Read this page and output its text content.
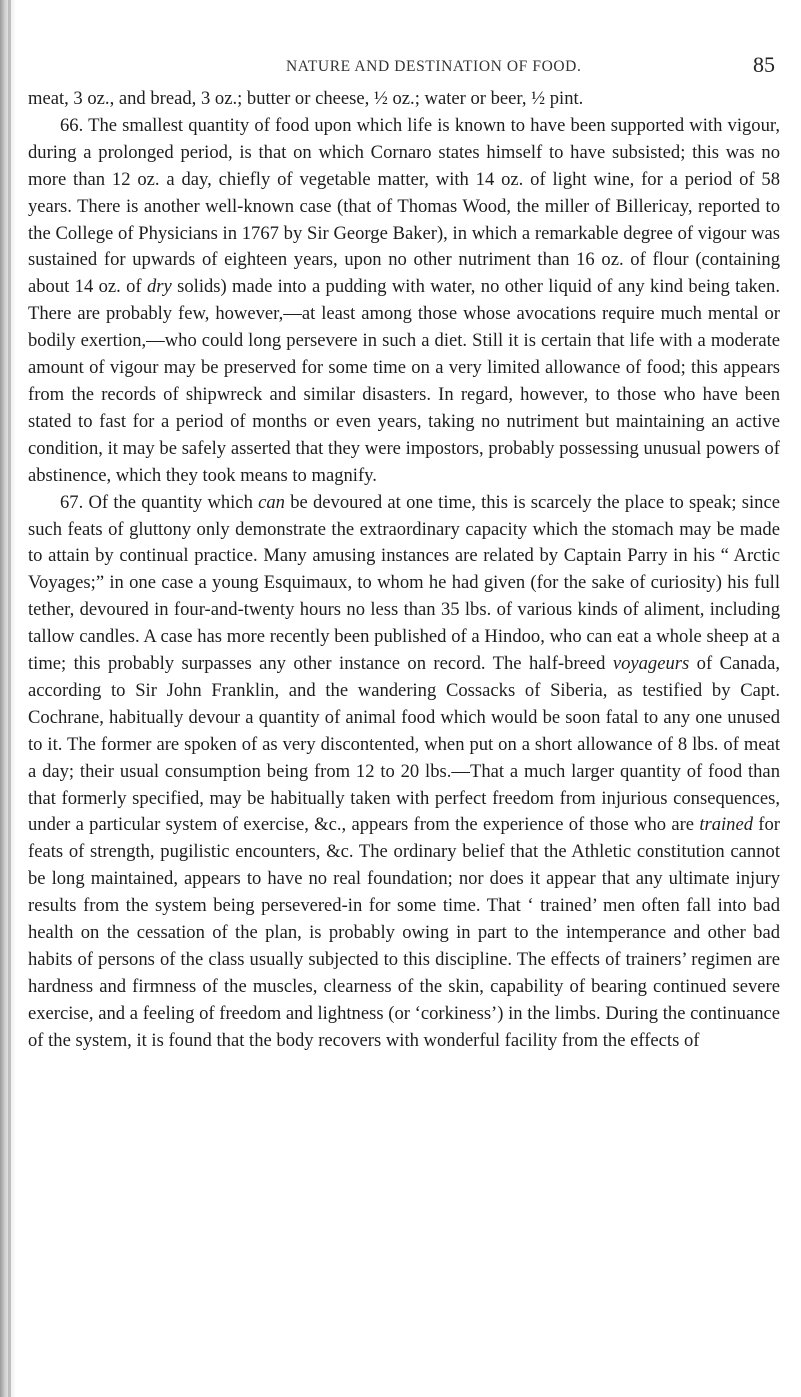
NATURE AND DESTINATION OF FOOD.	85

meat, 3 oz., and bread, 3 oz.; butter or cheese, ½ oz.; water or beer, ½ pint.

66. The smallest quantity of food upon which life is known to have been supported with vigour, during a prolonged period, is that on which Cornaro states himself to have subsisted; this was no more than 12 oz. a day, chiefly of vegetable matter, with 14 oz. of light wine, for a period of 58 years. There is another well-known case (that of Thomas Wood, the miller of Billericay, reported to the College of Physicians in 1767 by Sir George Baker), in which a remarkable degree of vigour was sustained for upwards of eighteen years, upon no other nutriment than 16 oz. of flour (containing about 14 oz. of dry solids) made into a pudding with water, no other liquid of any kind being taken. There are probably few, however,—at least among those whose avocations require much mental or bodily exertion,—who could long persevere in such a diet. Still it is certain that life with a moderate amount of vigour may be preserved for some time on a very limited allowance of food; this appears from the records of shipwreck and similar disasters. In regard, however, to those who have been stated to fast for a period of months or even years, taking no nutriment but maintaining an active condition, it may be safely asserted that they were impostors, probably possessing unusual powers of abstinence, which they took means to magnify.

67. Of the quantity which can be devoured at one time, this is scarcely the place to speak; since such feats of gluttony only demonstrate the extraordinary capacity which the stomach may be made to attain by continual practice. Many amusing instances are related by Captain Parry in his “ Arctic Voyages;” in one case a young Esquimaux, to whom he had given (for the sake of curiosity) his full tether, devoured in four-and-twenty hours no less than 35 lbs. of various kinds of aliment, including tallow candles. A case has more recently been published of a Hindoo, who can eat a whole sheep at a time; this probably surpasses any other instance on record. The half-breed voyageurs of Canada, according to Sir John Franklin, and the wandering Cossacks of Siberia, as testified by Capt. Cochrane, habitually devour a quantity of animal food which would be soon fatal to any one unused to it. The former are spoken of as very discontented, when put on a short allowance of 8 lbs. of meat a day; their usual consumption being from 12 to 20 lbs.—That a much larger quantity of food than that formerly specified, may be habitually taken with perfect freedom from injurious consequences, under a particular system of exercise, &c., appears from the experience of those who are trained for feats of strength, pugilistic encounters, &c. The ordinary belief that the Athletic constitution cannot be long maintained, appears to have no real foundation; nor does it appear that any ultimate injury results from the system being persevered-in for some time. That ‘ trained’ men often fall into bad health on the cessation of the plan, is probably owing in part to the intemperance and other bad habits of persons of the class usually subjected to this discipline. The effects of trainers’ regimen are hardness and firmness of the muscles, clearness of the skin, capability of bearing continued severe exercise, and a feeling of freedom and lightness (or ‘corkiness’) in the limbs. During the continuance of the system, it is found that the body recovers with wonderful facility from the effects of
